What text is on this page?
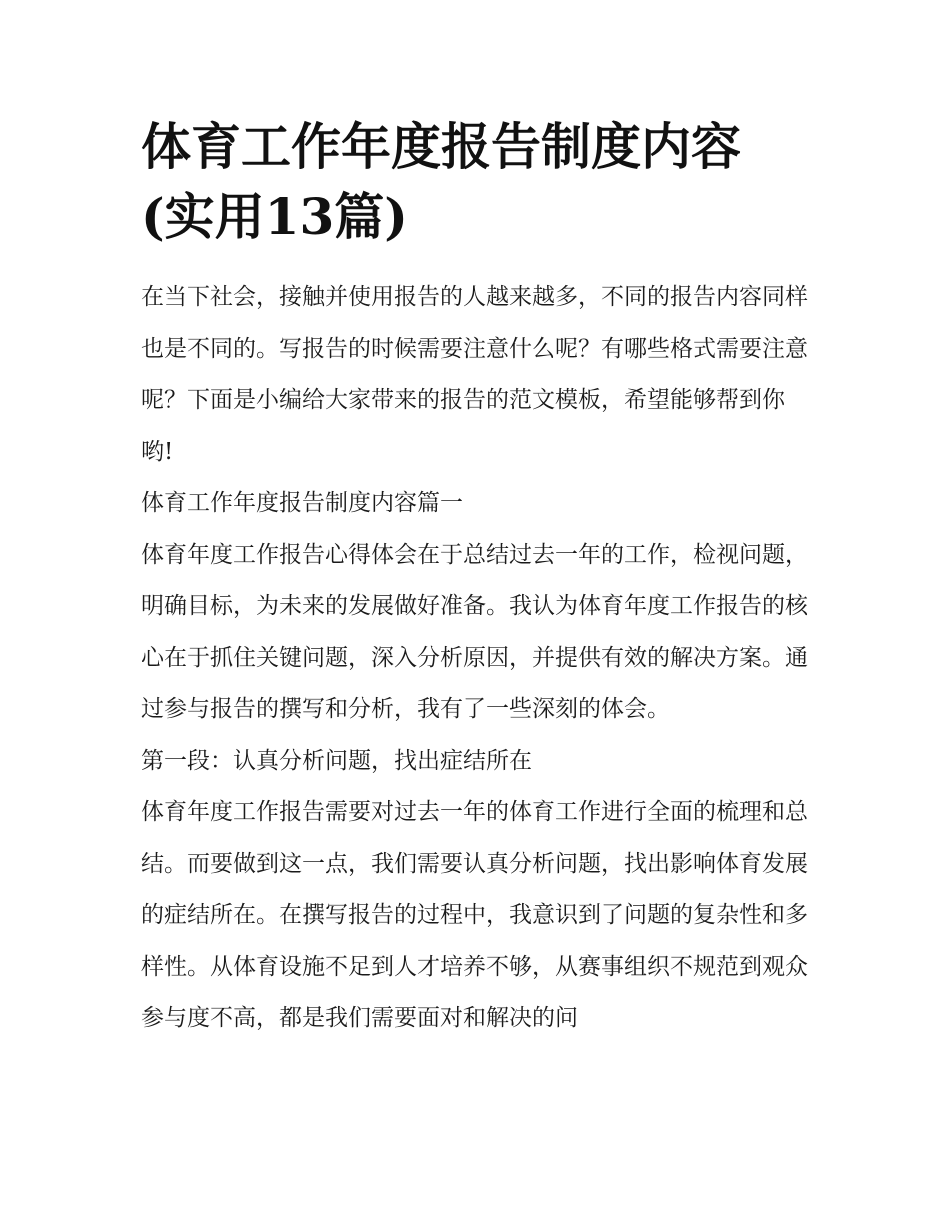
体育工作年度报告制度内容(实用13篇)

在当下社会，接触并使用报告的人越来越多，不同的报告内容同样也是不同的。写报告的时候需要注意什么呢？有哪些格式需要注意呢？下面是小编给大家带来的报告的范文模板，希望能够帮到你哟!

体育工作年度报告制度内容篇一

体育年度工作报告心得体会在于总结过去一年的工作，检视问题，明确目标，为未来的发展做好准备。我认为体育年度工作报告的核心在于抓住关键问题，深入分析原因，并提供有效的解决方案。通过参与报告的撰写和分析，我有了一些深刻的体会。

第一段：认真分析问题，找出症结所在

体育年度工作报告需要对过去一年的体育工作进行全面的梳理和总结。而要做到这一点，我们需要认真分析问题，找出影响体育发展的症结所在。在撰写报告的过程中，我意识到了问题的复杂性和多样性。从体育设施不足到人才培养不够，从赛事组织不规范到观众参与度不高，都是我们需要面对和解决的问
